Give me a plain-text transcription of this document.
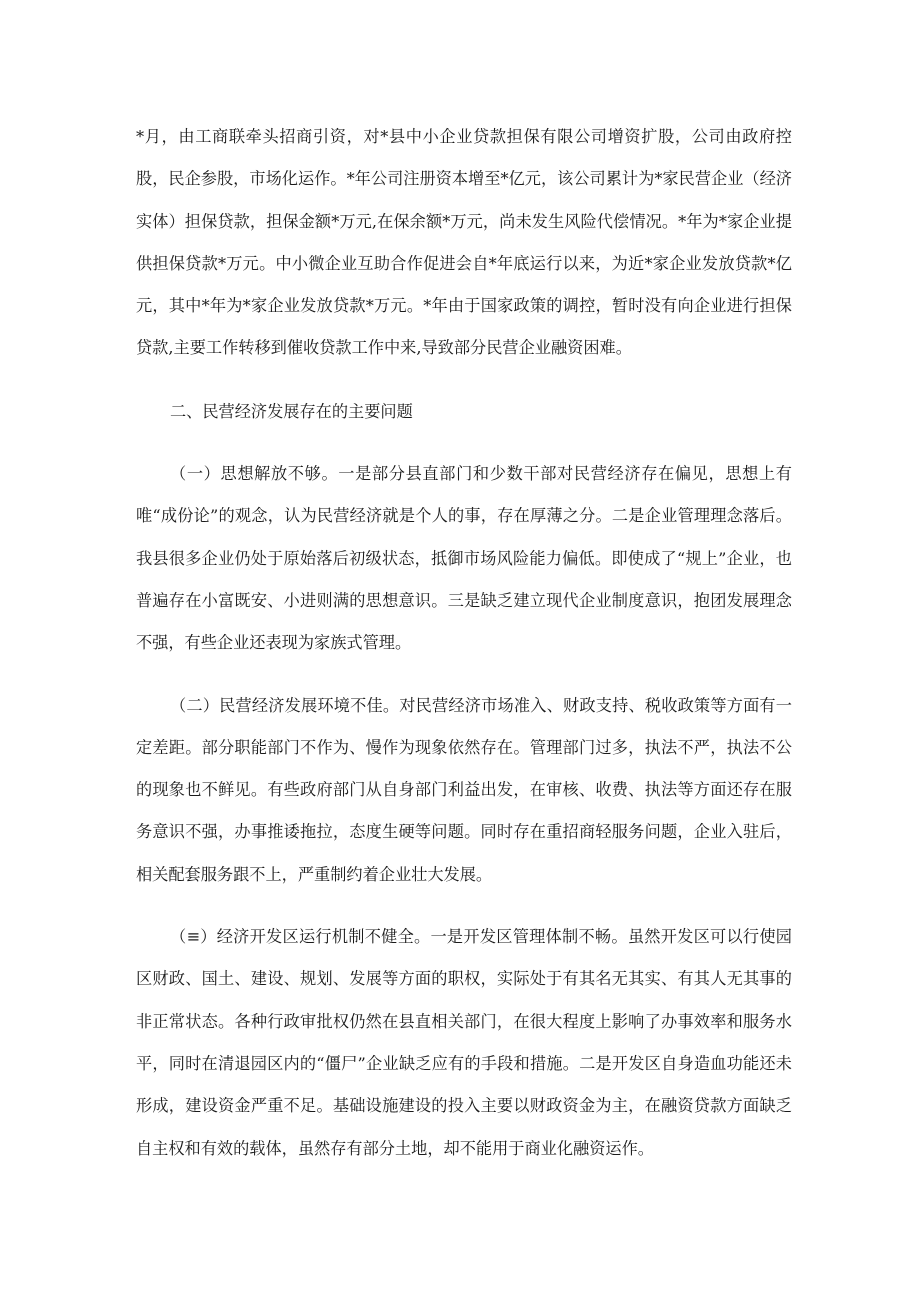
*月，由工商联牵头招商引资，对*县中小企业贷款担保有限公司增资扩股，公司由政府控股，民企参股，市场化运作。*年公司注册资本增至*亿元，该公司累计为*家民营企业（经济实体）担保贷款，担保金额*万元,在保余额*万元，尚未发生风险代偿情况。*年为*家企业提供担保贷款*万元。中小微企业互助合作促进会自*年底运行以来，为近*家企业发放贷款*亿元，其中*年为*家企业发放贷款*万元。*年由于国家政策的调控，暂时没有向企业进行担保贷款,主要工作转移到催收贷款工作中来,导致部分民营企业融资困难。

二、民营经济发展存在的主要问题

（一）思想解放不够。一是部分县直部门和少数干部对民营经济存在偏见，思想上有唯“成份论”的观念，认为民营经济就是个人的事，存在厚薄之分。二是企业管理理念落后。我县很多企业仍处于原始落后初级状态，抵御市场风险能力偏低。即使成了“规上”企业，也普遍存在小富既安、小进则满的思想意识。三是缺乏建立现代企业制度意识，抱团发展理念不强，有些企业还表现为家族式管理。

（二）民营经济发展环境不佳。对民营经济市场准入、财政支持、税收政策等方面有一定差距。部分职能部门不作为、慢作为现象依然存在。管理部门过多，执法不严，执法不公的现象也不鲜见。有些政府部门从自身部门利益出发，在审核、收费、执法等方面还存在服务意识不强，办事推诿拖拉，态度生硬等问题。同时存在重招商轻服务问题，企业入驻后，相关配套服务跟不上，严重制约着企业壮大发展。

（≡）经济开发区运行机制不健全。一是开发区管理体制不畅。虽然开发区可以行使园区财政、国土、建设、规划、发展等方面的职权，实际处于有其名无其实、有其人无其事的非正常状态。各种行政审批权仍然在县直相关部门，在很大程度上影响了办事效率和服务水平，同时在清退园区内的“僵尸”企业缺乏应有的手段和措施。二是开发区自身造血功能还未形成，建设资金严重不足。基础设施建设的投入主要以财政资金为主，在融资贷款方面缺乏自主权和有效的载体，虽然存有部分土地，却不能用于商业化融资运作。
